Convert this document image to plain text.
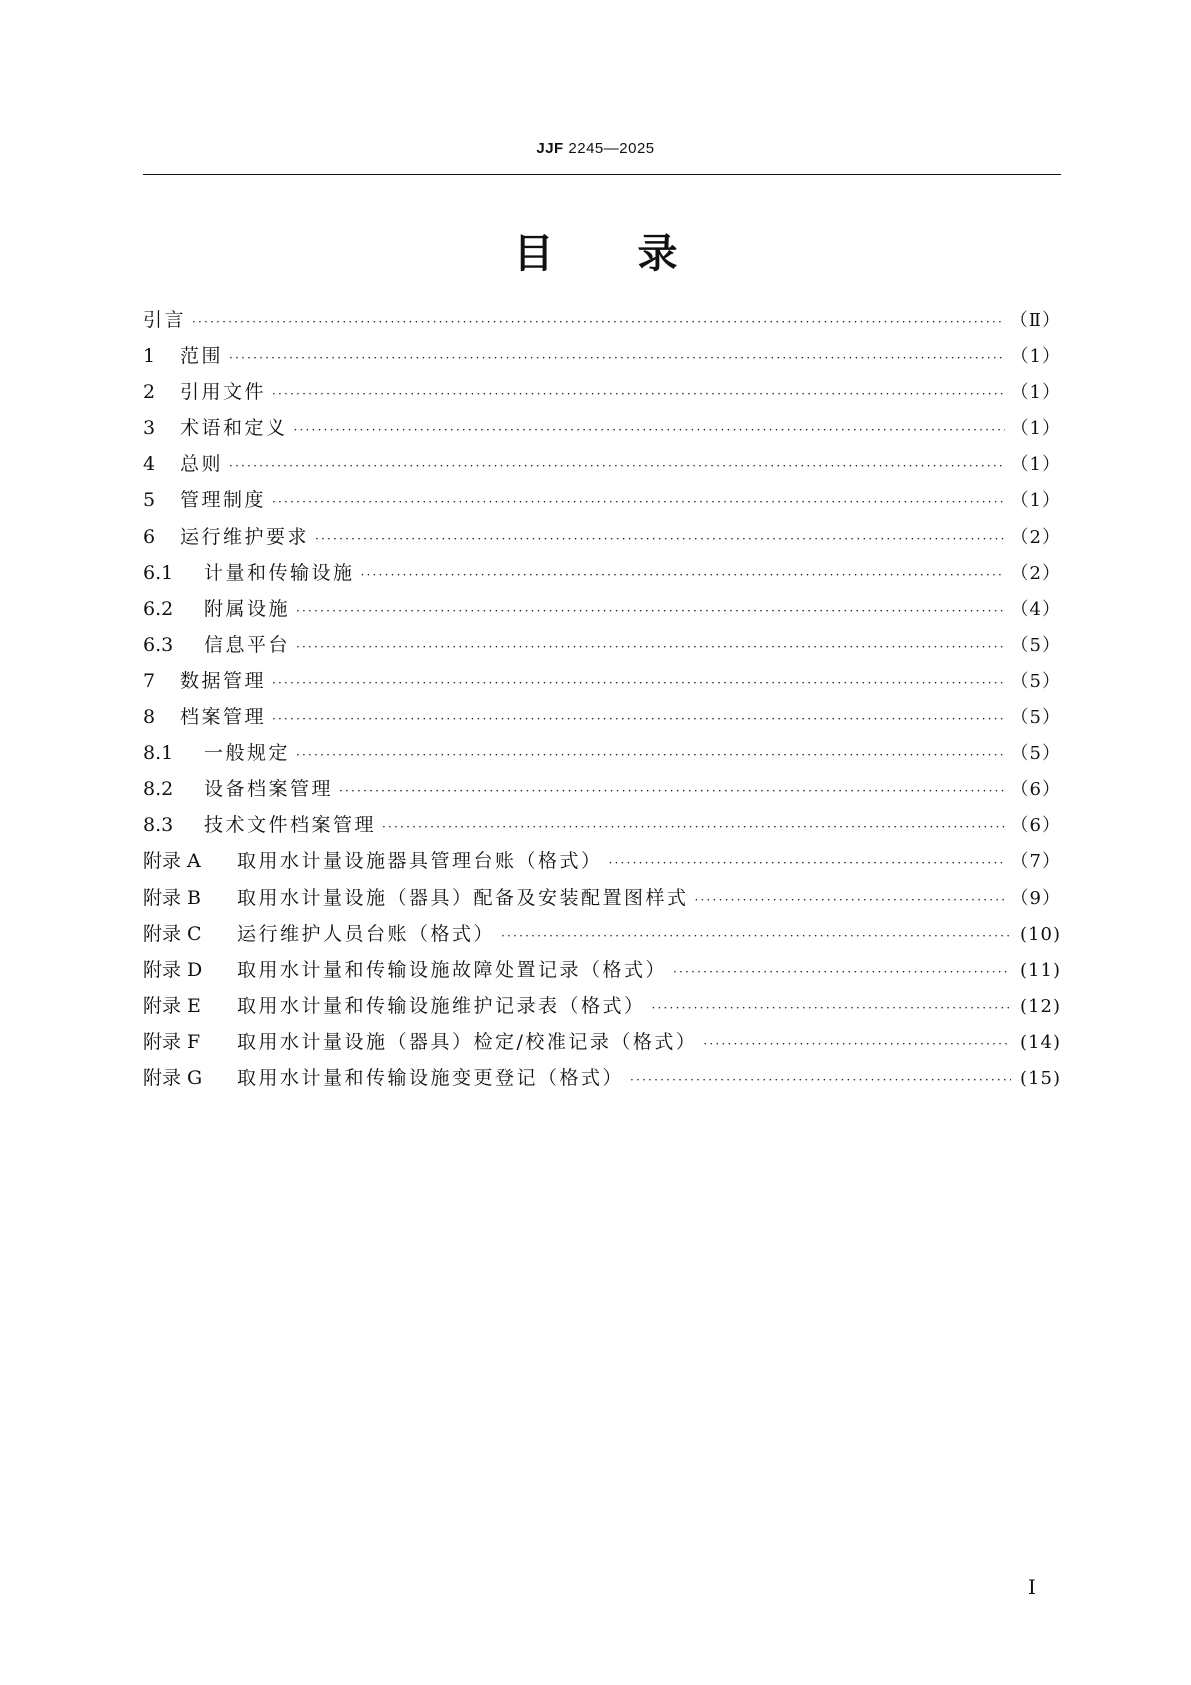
JJF 2245—2025
目 录
引言 ·····	（Ⅱ）
1	范围 ·····	（1）
2	引用文件 ·····	（1）
3	术语和定义 ·····	（1）
4	总则 ·····	（1）
5	管理制度 ·····	（1）
6	运行维护要求 ·····	（2）
6.1	计量和传输设施 ·····	（2）
6.2	附属设施 ·····	（4）
6.3	信息平台 ·····	（5）
7	数据管理 ·····	（5）
8	档案管理 ·····	（5）
8.1	一般规定 ·····	（5）
8.2	设备档案管理 ·····	（6）
8.3	技术文件档案管理 ·····	（6）
附录 A	取用水计量设施器具管理台账（格式） ·····	（7）
附录 B	取用水计量设施（器具）配备及安装配置图样式 ·····	（9）
附录 C	运行维护人员台账（格式） ·····	(10)
附录 D	取用水计量和传输设施故障处置记录（格式） ·····	(11)
附录 E	取用水计量和传输设施维护记录表（格式） ·····	(12)
附录 F	取用水计量设施（器具）检定/校准记录（格式） ·····	(14)
附录 G	取用水计量和传输设施变更登记（格式） ·····	(15)
Ⅰ
